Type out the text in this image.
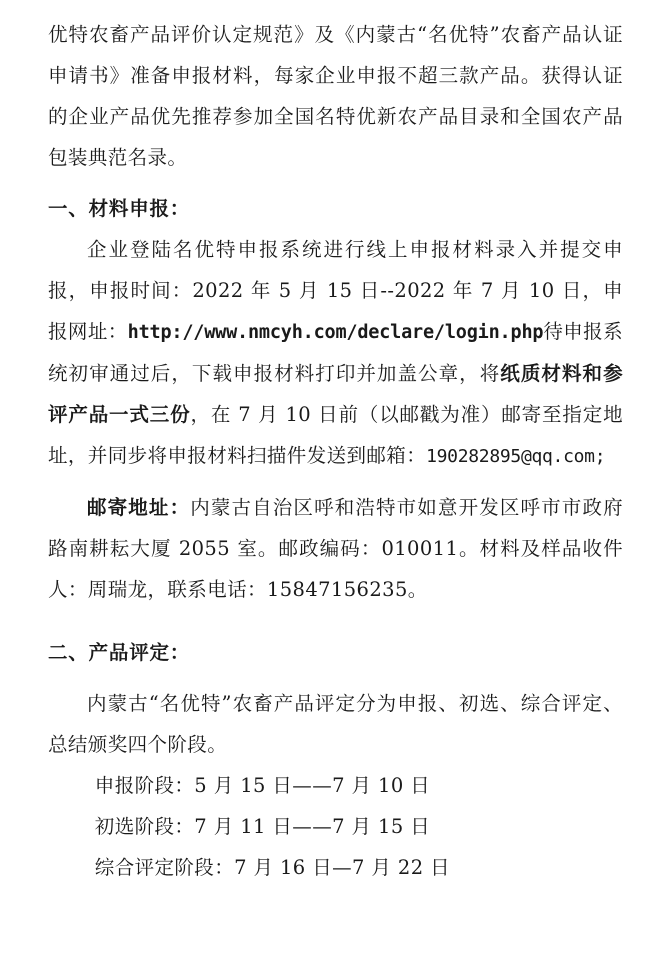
优特农畜产品评价认定规范》及《内蒙古“名优特”农畜产品认证申请书》准备申报材料，每家企业申报不超三款产品。获得认证的企业产品优先推荐参加全国名特优新农产品目录和全国农产品包装典范名录。

一、材料申报：

企业登陆名优特申报系统进行线上申报材料录入并提交申报，申报时间：2022 年 5 月 15 日--2022 年 7 月 10 日，申报网址：http://www.nmcyh.com/declare/login.php待申报系统初审通过后，下载申报材料打印并加盖公章，将纸质材料和参评产品一式三份，在 7 月 10 日前（以邮戳为准）邮寄至指定地址，并同步将申报材料扫描件发送到邮箱：190282895@qq.com;

邮寄地址：内蒙古自治区呼和浩特市如意开发区呼市市政府路南耕耘大厦 2055 室。邮政编码：010011。材料及样品收件人：周瑞龙，联系电话：15847156235。

二、产品评定：

内蒙古“名优特”农畜产品评定分为申报、初选、综合评定、总结颁奖四个阶段。

申报阶段：5 月 15 日——7 月 10 日

初选阶段：7 月 11 日——7 月 15 日

综合评定阶段：7 月 16 日—7 月 22 日
